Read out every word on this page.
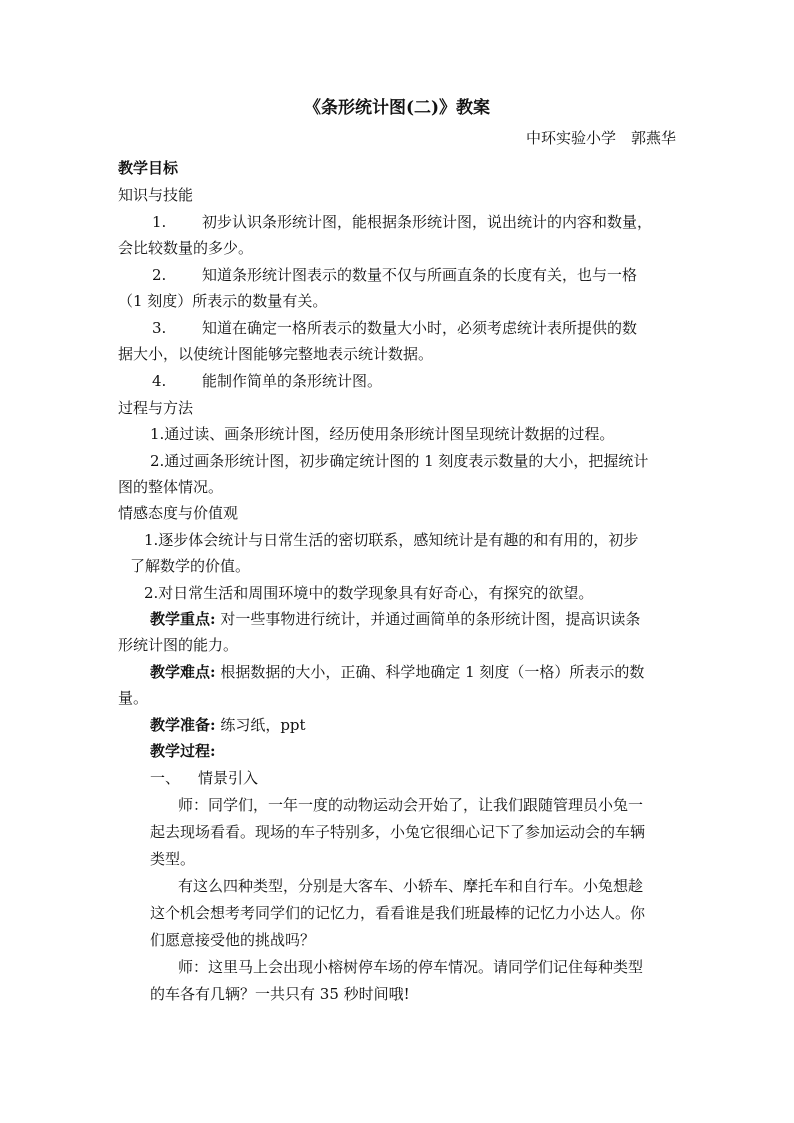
《条形统计图(二)》教案
中环实验小学　郭燕华
教学目标
知识与技能
1. 初步认识条形统计图，能根据条形统计图，说出统计的内容和数量，
会比较数量的多少。
2. 知道条形统计图表示的数量不仅与所画直条的长度有关，也与一格
（1 刻度）所表示的数量有关。
3. 知道在确定一格所表示的数量大小时，必须考虑统计表所提供的数
据大小，以使统计图能够完整地表示统计数据。
4. 能制作简单的条形统计图。
过程与方法
1.通过读、画条形统计图，经历使用条形统计图呈现统计数据的过程。
2.通过画条形统计图，初步确定统计图的 1 刻度表示数量的大小，把握统计
图的整体情况。
情感态度与价值观
1.逐步体会统计与日常生活的密切联系，感知统计是有趣的和有用的，初步
了解数学的价值。
2.对日常生活和周围环境中的数学现象具有好奇心，有探究的欲望。
教学重点: 对一些事物进行统计，并通过画简单的条形统计图，提高识读条
形统计图的能力。
教学难点: 根据数据的大小，正确、科学地确定 1 刻度（一格）所表示的数
量。
教学准备: 练习纸，ppt
教学过程:
一、 情景引入
师：同学们，一年一度的动物运动会开始了，让我们跟随管理员小兔一
起去现场看看。现场的车子特别多，小兔它很细心记下了参加运动会的车辆
类型。
有这么四种类型，分别是大客车、小轿车、摩托车和自行车。小兔想趁
这个机会想考考同学们的记忆力，看看谁是我们班最棒的记忆力小达人。你
们愿意接受他的挑战吗？
师：这里马上会出现小榕树停车场的停车情况。请同学们记住每种类型
的车各有几辆？一共只有 35 秒时间哦!
